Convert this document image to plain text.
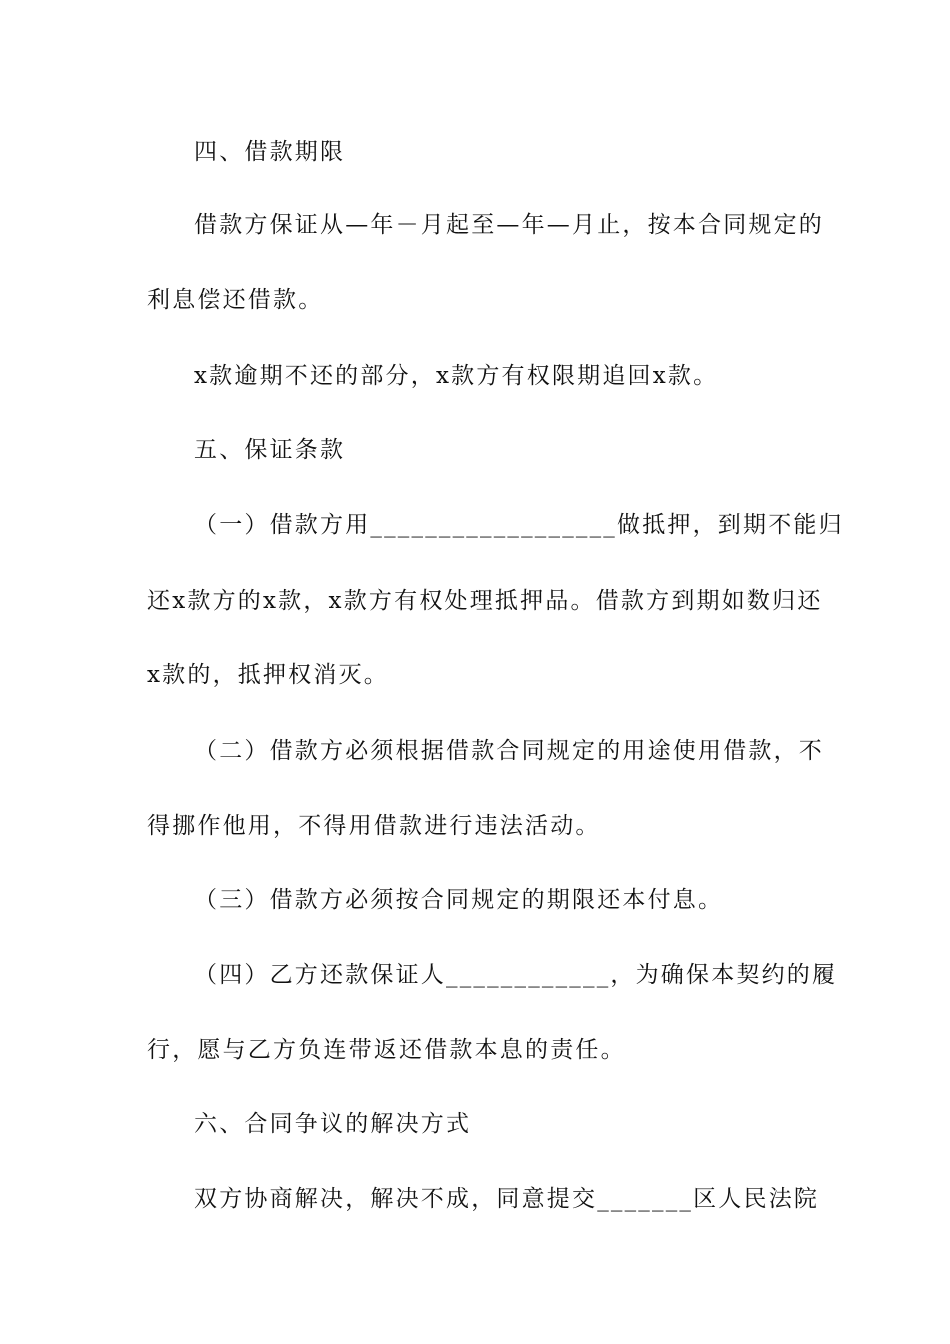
四、借款期限
借款方保证从—年－月起至—年—月止，按本合同规定的
利息偿还借款。
x款逾期不还的部分，x款方有权限期追回x款。
五、保证条款
（一）借款方用__________________做抵押，到期不能归
还x款方的x款，x款方有权处理抵押品。借款方到期如数归还
x款的，抵押权消灭。
（二）借款方必须根据借款合同规定的用途使用借款，不
得挪作他用，不得用借款进行违法活动。
（三）借款方必须按合同规定的期限还本付息。
（四）乙方还款保证人____________，为确保本契约的履
行，愿与乙方负连带返还借款本息的责任。
六、合同争议的解决方式
双方协商解决，解决不成，同意提交_______区人民法院
